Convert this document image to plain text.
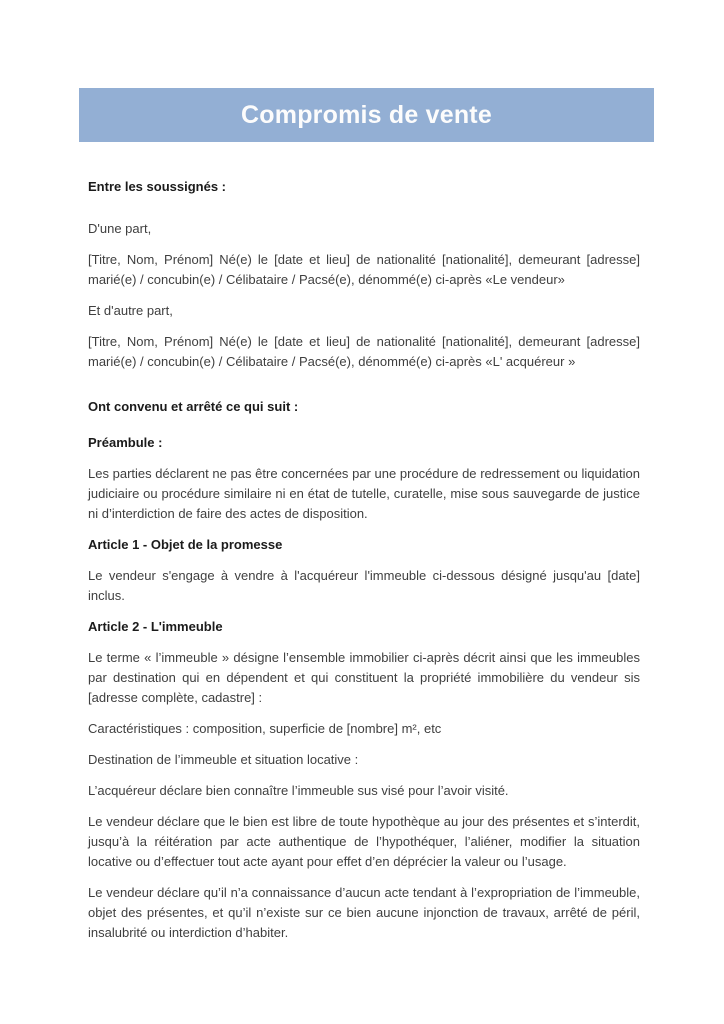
Compromis de vente
Entre les soussignés :
D'une part,
[Titre, Nom, Prénom] Né(e) le [date et lieu] de nationalité [nationalité], demeurant [adresse] marié(e) / concubin(e) / Célibataire / Pacsé(e), dénommé(e) ci-après «Le vendeur»
Et d'autre part,
[Titre, Nom, Prénom] Né(e) le [date et lieu] de nationalité [nationalité], demeurant [adresse] marié(e) / concubin(e) / Célibataire / Pacsé(e), dénommé(e) ci-après «L' acquéreur »
Ont convenu et arrêté ce qui suit :
Préambule :
Les parties déclarent ne pas être concernées par une procédure de redressement ou liquidation judiciaire ou procédure similaire ni en état de tutelle, curatelle, mise sous sauvegarde de justice ni d’interdiction de faire des actes de disposition.
Article 1 - Objet de la promesse
Le vendeur s'engage à vendre à l'acquéreur l'immeuble ci-dessous désigné jusqu'au [date] inclus.
Article 2 - L'immeuble
Le terme « l’immeuble » désigne l’ensemble immobilier ci-après décrit ainsi que les immeubles par destination qui en dépendent et qui constituent la propriété immobilière du vendeur sis [adresse complète, cadastre] :
Caractéristiques : composition, superficie de [nombre] m², etc
Destination de l’immeuble et situation locative :
L’acquéreur déclare bien connaître l’immeuble sus visé pour l’avoir visité.
Le vendeur déclare que le bien est libre de toute hypothèque au jour des présentes et s’interdit, jusqu’à la réitération par acte authentique de l’hypothéquer, l’aliéner, modifier la situation locative ou d’effectuer tout acte ayant pour effet d’en déprécier la valeur ou l’usage.
Le vendeur déclare qu’il n’a connaissance d’aucun acte tendant à l’expropriation de l’immeuble, objet des présentes, et qu’il n’existe sur ce bien aucune injonction de travaux, arrêté de péril, insalubrité ou interdiction d’habiter.
